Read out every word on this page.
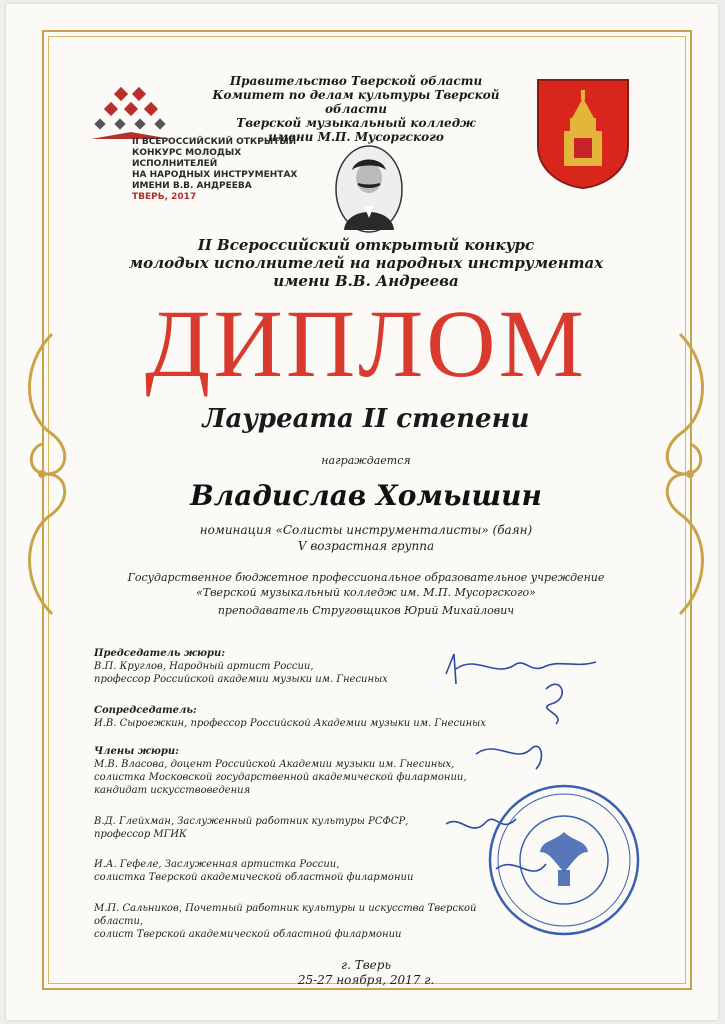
II ВСЕРОССИЙСКИЙ ОТКРЫТЫЙ
КОНКУРС МОЛОДЫХ ИСПОЛНИТЕЛЕЙ
НА НАРОДНЫХ ИНСТРУМЕНТАХ
ИМЕНИ В.В. АНДРЕЕВА
ТВЕРЬ, 2017
Правительство Тверской области
Комитет по делам культуры Тверской области
Тверской музыкальный колледж
имени М.П. Мусоргского
II Всероссийский открытый конкурс
молодых исполнителей на народных инструментах
имени В.В. Андреева
ДИПЛОМ
Лауреата II степени
награждается
Владислав Хомышин
номинация «Солисты инструменталисты» (баян)
V возрастная группа
Государственное бюджетное профессиональное образовательное учреждение
«Тверской музыкальный колледж им. М.П. Мусоргского»
преподаватель Струговщиков Юрий Михайлович
Председатель жюри:
В.П. Круглов, Народный артист России,
профессор Российской академии музыки им. Гнесиных
Сопредседатель:
И.В. Сыроежкин, профессор Российской Академии музыки им. Гнесиных
Члены жюри:
М.В. Власова, доцент Российской Академии музыки им. Гнесиных,
солистка Московской государственной академической филармонии,
кандидат искусствоведения
В.Д. Глейхман, Заслуженный работник культуры РСФСР,
профессор МГИК
И.А. Гефеле, Заслуженная артистка России,
солистка Тверской академической областной филармонии
М.П. Сальников, Почетный работник культуры и искусства Тверской области,
солист Тверской академической областной филармонии
г. Тверь
25-27 ноября, 2017 г.
